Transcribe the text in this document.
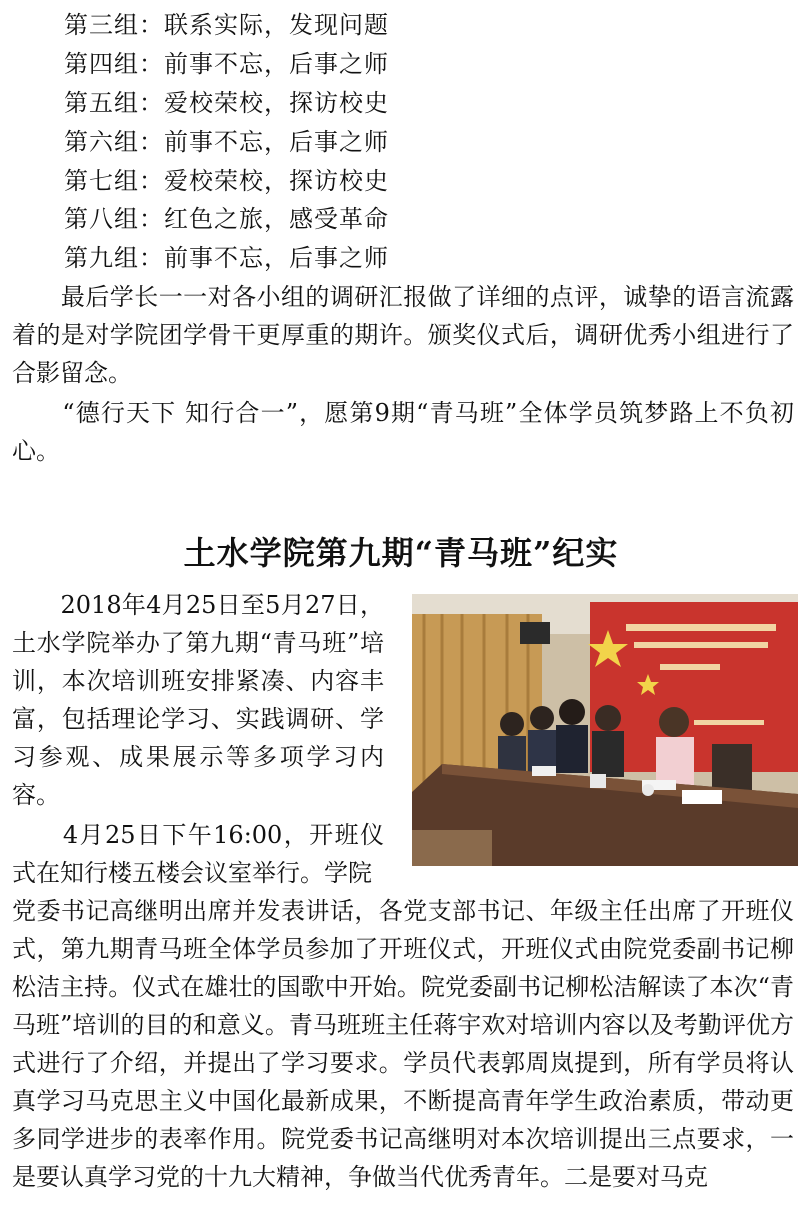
第三组：联系实际，发现问题
第四组：前事不忘，后事之师
第五组：爱校荣校，探访校史
第六组：前事不忘，后事之师
第七组：爱校荣校，探访校史
第八组：红色之旅，感受革命
第九组：前事不忘，后事之师
　　最后学长一一对各小组的调研汇报做了详细的点评，诚挚的语言流露着的是对学院团学骨干更厚重的期许。颁奖仪式后，调研优秀小组进行了合影留念。
　　“德行天下 知行合一”，愿第9期“青马班”全体学员筑梦路上不负初心。
土水学院第九期“青马班”纪实
　　2018年4月25日至5月27日，土水学院举办了第九期“青马班”培训，本次培训班安排紧凑、内容丰富，包括理论学习、实践调研、学习参观、成果展示等多项学习内容。
　　4月25日下午16:00，开班仪式在知行楼五楼会议室举行。学院
党委书记高继明出席并发表讲话，各党支部书记、年级主任出席了开班仪式，第九期青马班全体学员参加了开班仪式，开班仪式由院党委副书记柳松洁主持。仪式在雄壮的国歌中开始。院党委副书记柳松洁解读了本次“青马班”培训的目的和意义。青马班班主任蒋宇欢对培训内容以及考勤评优方式进行了介绍，并提出了学习要求。学员代表郭周岚提到，所有学员将认真学习马克思主义中国化最新成果，不断提高青年学生政治素质，带动更多同学进步的表率作用。院党委书记高继明对本次培训提出三点要求，一是要认真学习党的十九大精神，争做当代优秀青年。二是要对马克
